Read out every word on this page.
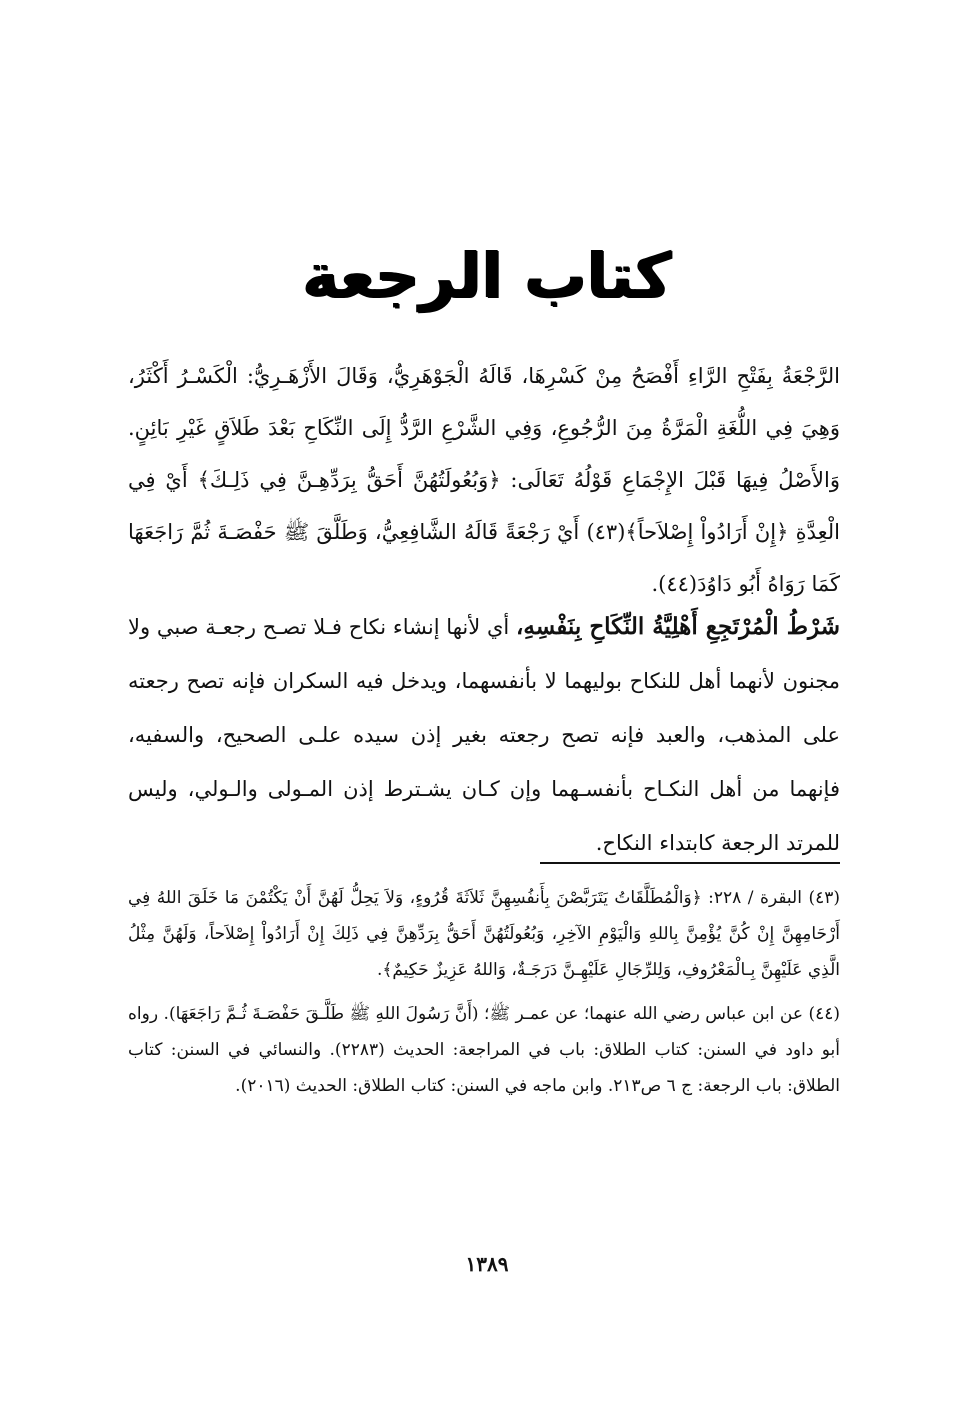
كتاب الرجعة
الرَّجْعَةُ بِفَتْحِ الرَّاءِ أَفْصَحُ مِنْ كَسْرِهَا، قَالَهُ الْجَوْهَرِيُّ، وَقَالَ الأَزْهَـرِيُّ: الْكَسْـرُ أَكْثَرُ، وَهِيَ فِي اللُّغَةِ الْمَرَّةُ مِنَ الرُّجُوعِ، وَفِي الشَّرْعِ الرَّدُّ إِلَى النِّكَاحِ بَعْدَ طَلاَقٍ غَيْرِ بَائِنٍ. وَالأَصْلُ فِيهَا قَبْلَ الإِجْمَاعِ قَوْلُهُ تَعَالَى: ﴿وَبُعُولَتُهُنَّ أَحَقُّ بِرَدِّهِـنَّ فِي ذَلِـكَ﴾ أَيْ فِي الْعِدَّةِ ﴿إِنْ أَرَادُواْ إِصْلاَحاً﴾(٤٣) أَيْ رَجْعَةً قَالَهُ الشَّافِعِيُّ، وَطَلَّقَ ﷺ حَفْصَـةَ ثُمَّ رَاجَعَهَا كَمَا رَوَاهُ أَبُو دَاوُدَ(٤٤).
شَرْطُ الْمُرْتَجِعِ أَهْلِيَّةُ النِّكَاحِ بِنَفْسِهِ، أي لأنها إنشاء نكاح فـلا تصـح رجعـة صبي ولا مجنون لأنهما أهل للنكاح بوليهما لا بأنفسهما، ويدخل فيه السكران فإنه تصح رجعته على المذهب، والعبد فإنه تصح رجعته بغير إذن سيده علـى الصحيح، والسفيه، فإنهما من أهل النكـاح بأنفسـهما وإن كـان يشـترط إذن المـولى والـولي، وليس للمرتد الرجعة كابتداء النكاح.

(٤٣) البقرة / ٢٢٨: ﴿وَالْمُطَلَّقَاتُ يَتَرَبَّصْنَ بِأَنفُسِهِنَّ ثَلاَثَةَ قُرُوءٍ، وَلاَ يَحِلُّ لَهُنَّ أَنْ يَكْتُمْنَ مَا خَلَقَ اللهُ فِي أَرْحَامِهِنَّ إِنْ كُنَّ يُؤْمِنَّ بِاللهِ وَالْيَوْمِ الآخِرِ، وَبُعُولَتُهُنَّ أَحَقُّ بِرَدِّهِنَّ فِي ذَلِكَ إِنْ أَرَادُواْ إِصْلاَحاً، وَلَهُنَّ مِثْلُ الَّذِي عَلَيْهِنَّ بِـالْمَعْرُوفِ، وَلِلرِّجَالِ عَلَيْهِـنَّ دَرَجَـةٌ، وَاللهُ عَزِيزٌ حَكِيمٌ﴾.

(٤٤) عن ابن عباس رضي الله عنهما؛ عن عمـر ﷺ؛ (أَنَّ رَسُولَ اللهِ ﷺ طَلَّـقَ حَفْصَـةَ ثُـمَّ رَاجَعَهَا). رواه أبو داود في السنن: كتاب الطلاق: باب في المراجعة: الحديث (٢٢٨٣). والنسائي في السنن: كتاب الطلاق: باب الرجعة: ج ٦ ص٢١٣. وابن ماجه في السنن: كتاب الطلاق: الحديث (٢٠١٦).

١٣٨٩
